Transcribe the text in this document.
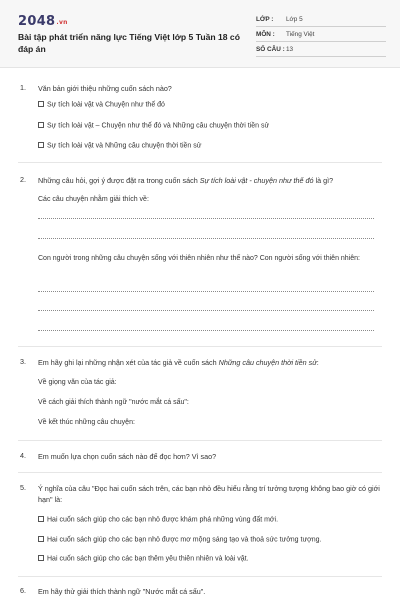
2048.vn
Bài tập phát triển năng lực Tiếng Việt lớp 5 Tuần 18 có đáp án
LỚP : Lớp 5
MÔN : Tiếng Việt
SỐ CÂU : 13
1. Văn bản giới thiệu những cuốn sách nào?
Sự tích loài vật và Chuyện như thế đó
Sự tích loài vật – Chuyện như thế đó và Những câu chuyện thời tiền sử
Sự tích loài vật và Những câu chuyện thời tiền sử
2. Những câu hỏi, gợi ý được đặt ra trong cuốn sách Sự tích loài vật - chuyện như thế đó là gì?
Các câu chuyện nhằm giải thích về:
Con người trong những câu chuyện sống với thiên nhiên như thế nào? Con người sống với thiên nhiên:
3. Em hãy ghi lại những nhận xét của tác giả về cuốn sách Những câu chuyện thời tiền sử:
Về giọng văn của tác giả:
Về cách giải thích thành ngữ "nước mắt cá sấu":
Về kết thúc những câu chuyện:
4. Em muốn lựa chọn cuốn sách nào để đọc hơn? Vì sao?
5. Ý nghĩa của câu "Đọc hai cuốn sách trên, các bạn nhỏ đều hiểu rằng trí tưởng tượng không bao giờ có giới hạn" là:
Hai cuốn sách giúp cho các bạn nhỏ được khám phá những vùng đất mới.
Hai cuốn sách giúp cho các bạn nhỏ được mơ mộng sáng tạo và thoả sức tưởng tượng.
Hai cuốn sách giúp cho các bạn thêm yêu thiên nhiên và loài vật.
6. Em hãy thử giải thích thành ngữ "Nước mắt cá sấu".
